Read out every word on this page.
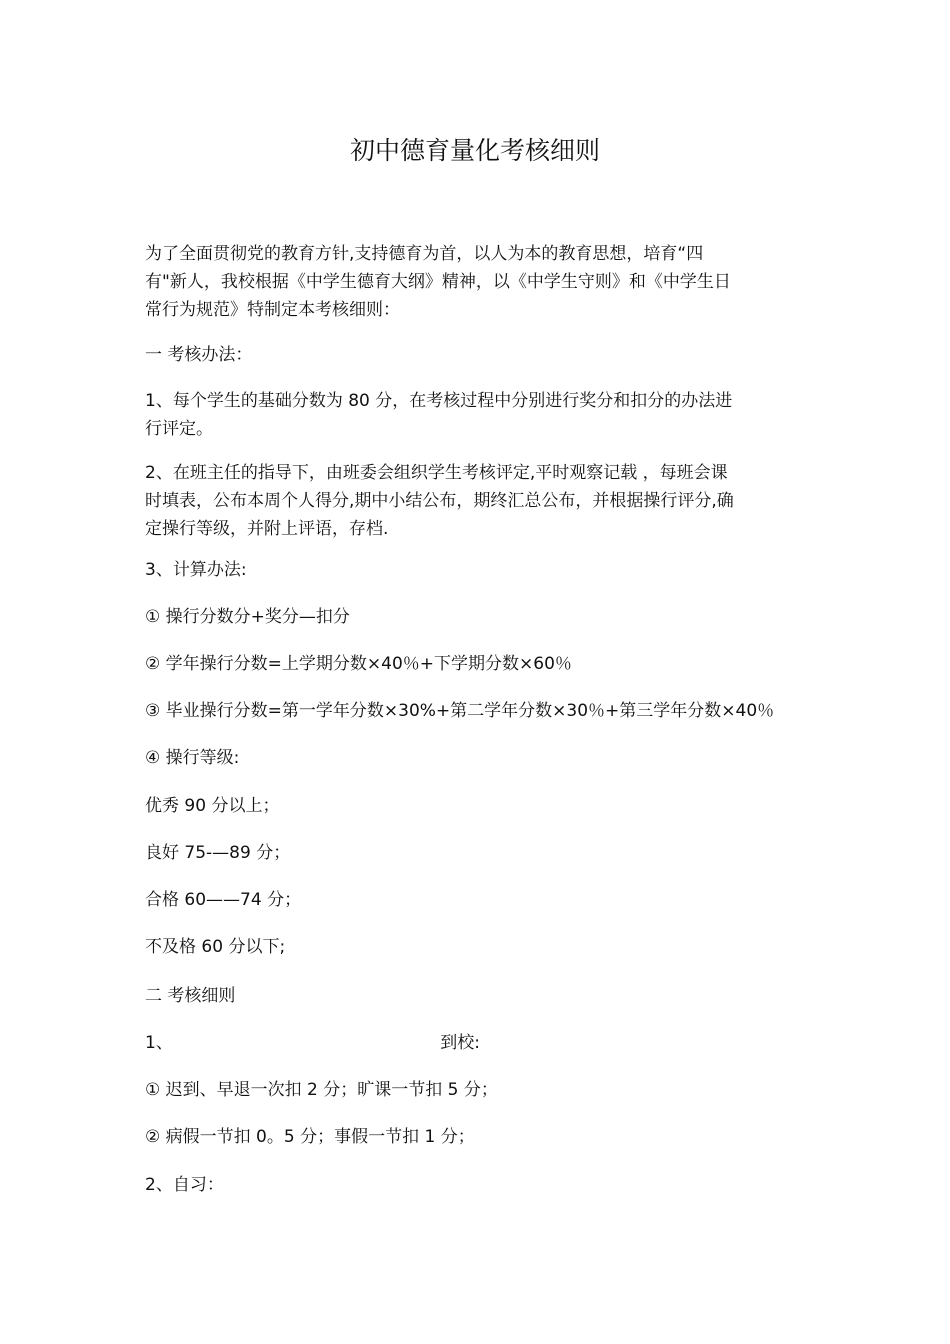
初中德育量化考核细则
为了全面贯彻党的教育方针,支持德育为首，以人为本的教育思想，培育“四
有"新人，我校根据《中学生德育大纲》精神，以《中学生守则》和《中学生日
常行为规范》特制定本考核细则：
一 考核办法：
1、每个学生的基础分数为 80 分，在考核过程中分别进行奖分和扣分的办法进
行评定。
2、在班主任的指导下，由班委会组织学生考核评定,平时观察记载 ，每班会课
时填表，公布本周个人得分,期中小结公布，期终汇总公布，并根据操行评分,确
定操行等级，并附上评语，存档.
3、计算办法:
① 操行分数分+奖分—扣分
② 学年操行分数=上学期分数×40％+下学期分数×60％
③ 毕业操行分数=第一学年分数×30%+第二学年分数×30％+第三学年分数×40％
④ 操行等级:
优秀 90 分以上；
良好 75-—89 分；
合格 60——74 分；
不及格 60 分以下;
二 考核细则
1、	到校:
① 迟到、早退一次扣 2 分；旷课一节扣 5 分；
② 病假一节扣 0。5 分；事假一节扣 1 分；
2、自习：
